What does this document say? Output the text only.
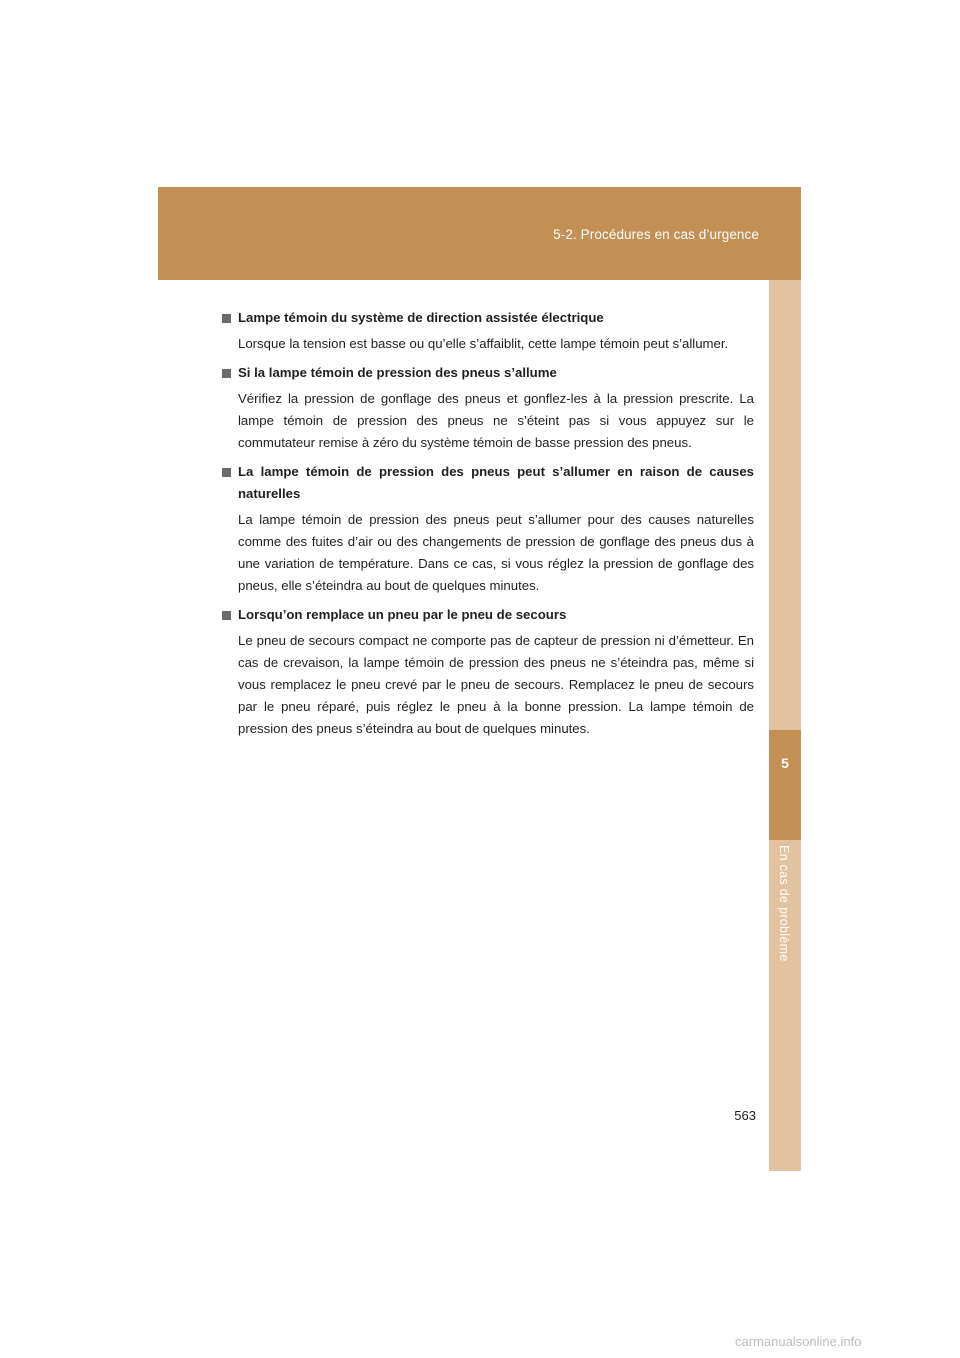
5-2. Procédures en cas d’urgence
5
En cas de problème
Lampe témoin du système de direction assistée électrique

Lorsque la tension est basse ou qu’elle s’affaiblit, cette lampe témoin peut s’allumer.

Si la lampe témoin de pression des pneus s’allume

Vérifiez la pression de gonflage des pneus et gonflez-les à la pression prescrite. La lampe témoin de pression des pneus ne s’éteint pas si vous appuyez sur le commutateur remise à zéro du système témoin de basse pression des pneus.

La lampe témoin de pression des pneus peut s’allumer en raison de causes naturelles

La lampe témoin de pression des pneus peut s’allumer pour des causes naturelles comme des fuites d’air ou des changements de pression de gonflage des pneus dus à une variation de température. Dans ce cas, si vous réglez la pression de gonflage des pneus, elle s’éteindra au bout de quelques minutes.

Lorsqu’on remplace un pneu par le pneu de secours

Le pneu de secours compact ne comporte pas de capteur de pression ni d’émetteur. En cas de crevaison, la lampe témoin de pression des pneus ne s’éteindra pas, même si vous remplacez le pneu crevé par le pneu de secours. Remplacez le pneu de secours par le pneu réparé, puis réglez le pneu à la bonne pression. La lampe témoin de pression des pneus s’éteindra au bout de quelques minutes.

563
carmanualsonline.info
